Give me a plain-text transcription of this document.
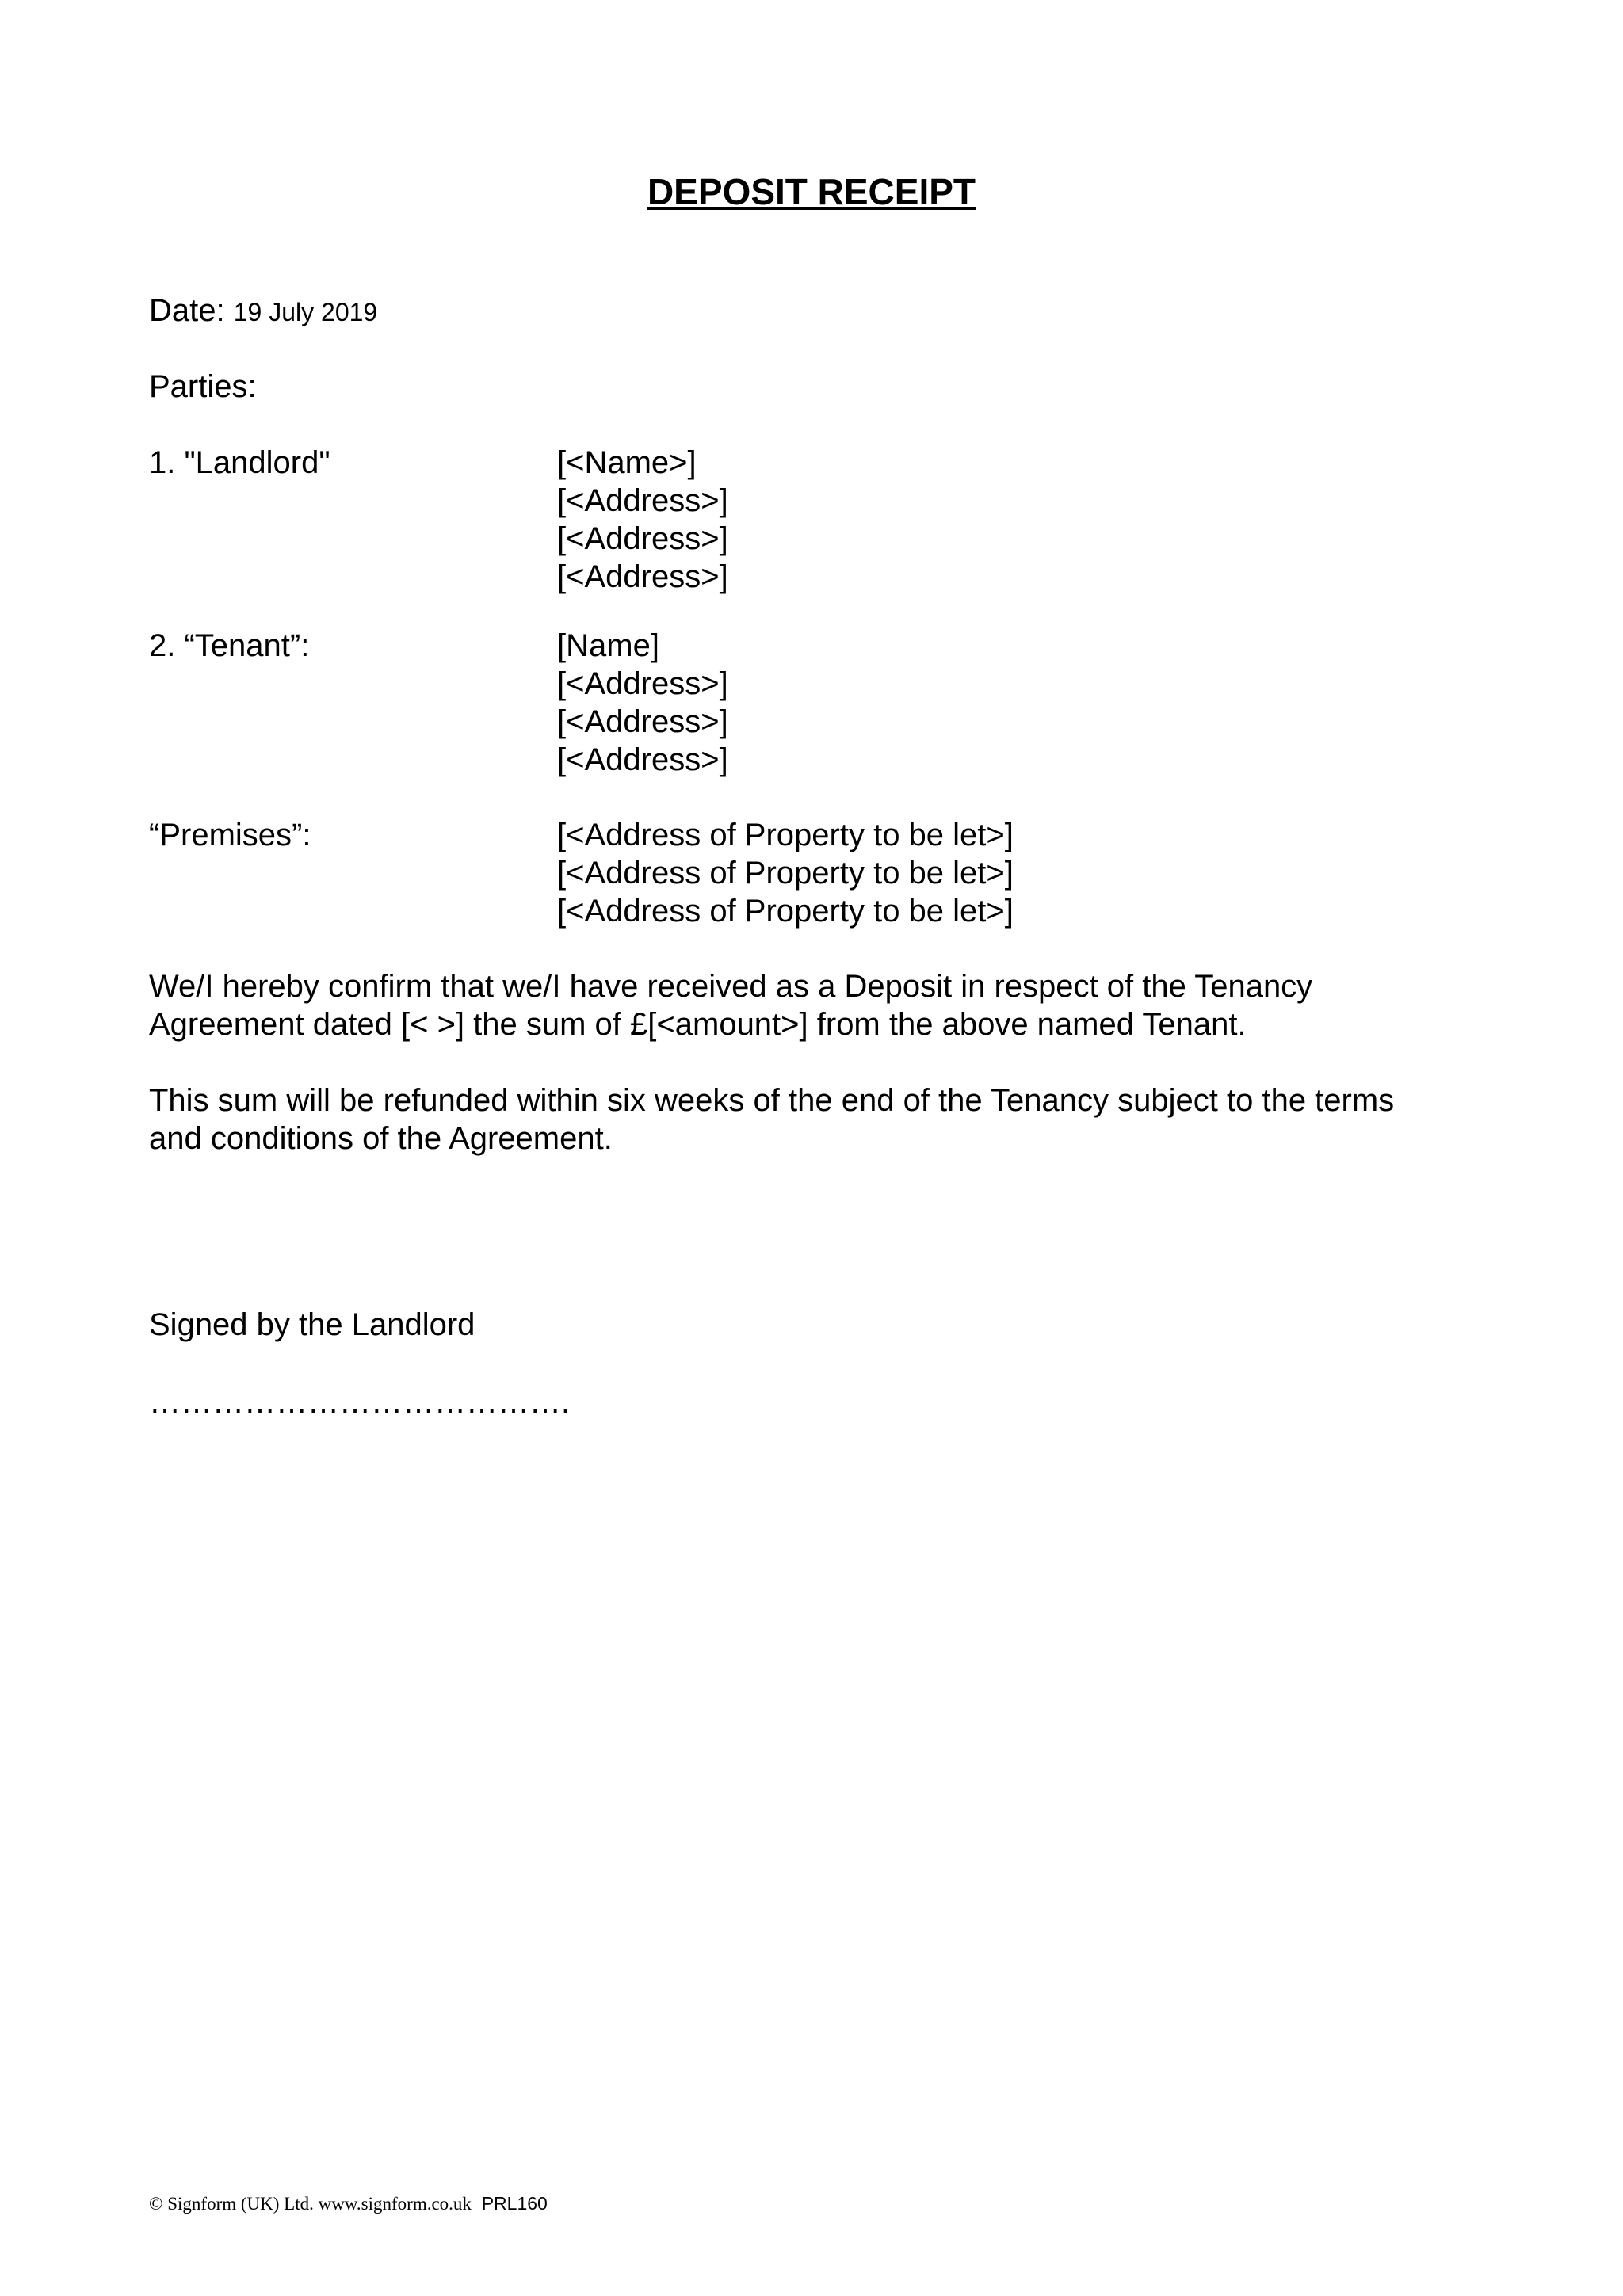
DEPOSIT RECEIPT
Date: 19 July 2019
Parties:
1. "Landlord"	[<Name>]
[<Address>]
[<Address>]
[<Address>]
2. “Tenant”:	[Name]
[<Address>]
[<Address>]
[<Address>]
“Premises”:	[<Address of Property to be let>]
[<Address of Property to be let>]
[<Address of Property to be let>]
We/I hereby confirm that we/I have received as a Deposit in respect of the Tenancy
Agreement dated [< >] the sum of £[<amount>] from the above named Tenant.
This sum will be refunded within six weeks of the end of the Tenancy subject to the terms
and conditions of the Agreement.
Signed by the Landlord
………………………………….
© Signform (UK) Ltd. www.signform.co.uk PRL160
